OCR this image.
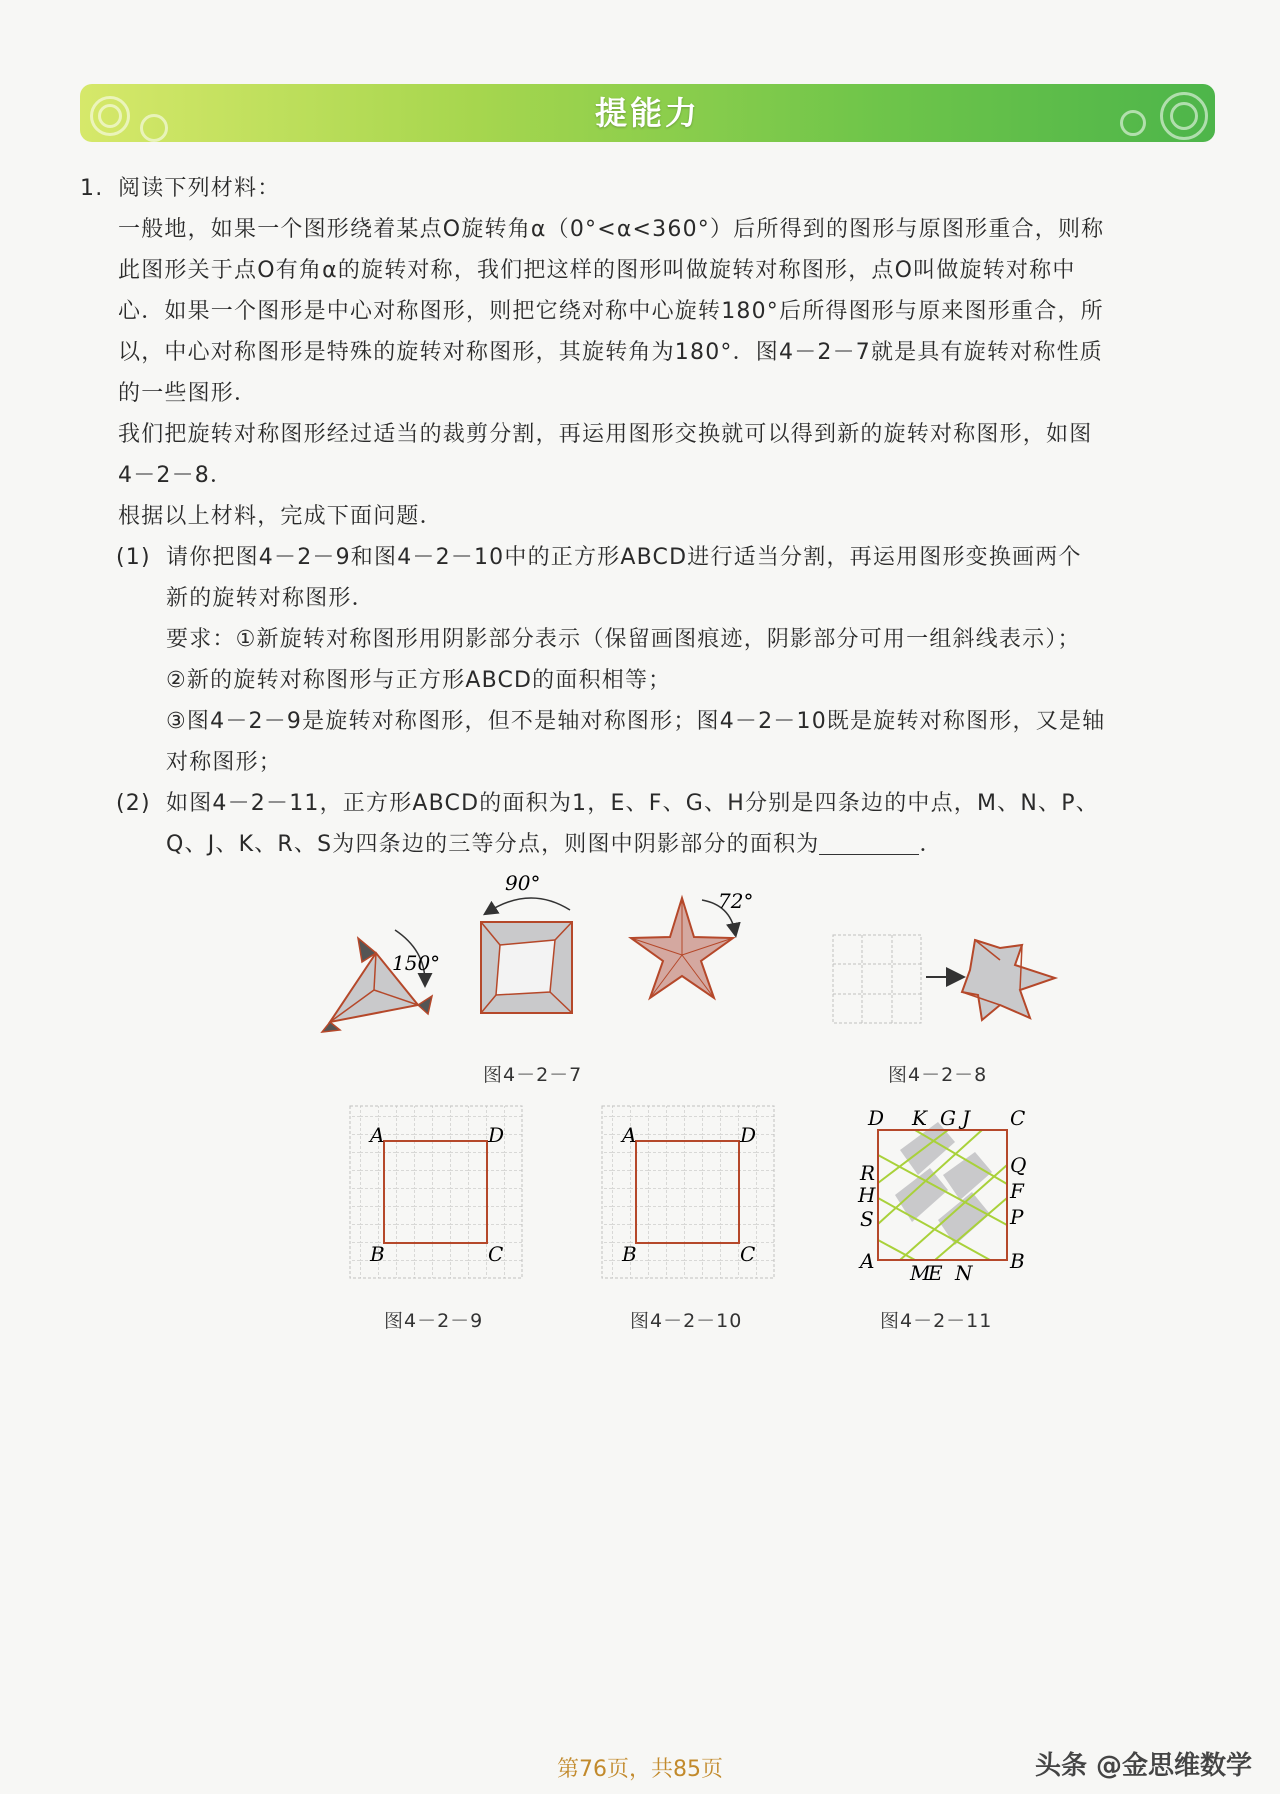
提能力
1. 阅读下列材料：
一般地，如果一个图形绕着某点O旋转角α（0°<α<360°）后所得到的图形与原图形重合，则称
此图形关于点O有角α的旋转对称，我们把这样的图形叫做旋转对称图形，点O叫做旋转对称中
心．如果一个图形是中心对称图形，则把它绕对称中心旋转180°后所得图形与原来图形重合，所
以，中心对称图形是特殊的旋转对称图形，其旋转角为180°．图4－2－7就是具有旋转对称性质
的一些图形．
我们把旋转对称图形经过适当的裁剪分割，再运用图形交换就可以得到新的旋转对称图形，如图
4－2－8．
根据以上材料，完成下面问题．
(1) 请你把图4－2－9和图4－2－10中的正方形ABCD进行适当分割，再运用图形变换画两个
新的旋转对称图形．
要求：①新旋转对称图形用阴影部分表示（保留画图痕迹，阴影部分可用一组斜线表示）；
②新的旋转对称图形与正方形ABCD的面积相等；
③图4－2－9是旋转对称图形，但不是轴对称图形；图4－2－10既是旋转对称图形，又是轴
对称图形；
(2) 如图4－2－11，正方形ABCD的面积为1，E、F、G、H分别是四条边的中点，M、N、P、
Q、J、K、R、S为四条边的三等分点，则图中阴影部分的面积为	．
150°
90°
72°
A	D
B	C
A	D
B	C
D K G J C
R
H
S
Q
F
P
A M
E N B
图4－2－7	图4－2－8
图4－2－9	图4－2－10	图4－2－11
第76页，共85页	头条 @金思维数学
